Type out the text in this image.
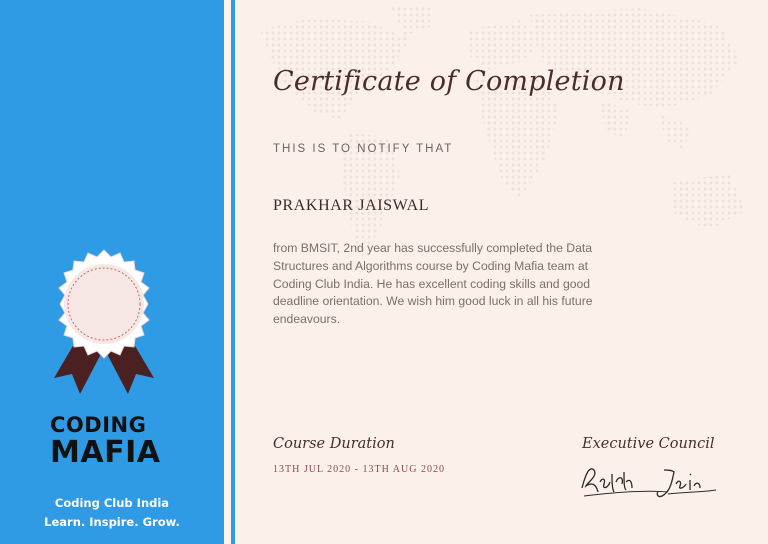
Certificate of Completion
THIS IS TO NOTIFY THAT
PRAKHAR JAISWAL
from BMSIT, 2nd year has successfully completed the Data Structures and Algorithms course by Coding Mafia team at Coding Club India. He has excellent coding skills and good deadline orientation. We wish him good luck in all his future endeavours.
Course Duration
13TH JUL 2020 - 13TH AUG 2020
Executive Council
CODING
MAFIA
Coding Club India
Learn. Inspire. Grow.
